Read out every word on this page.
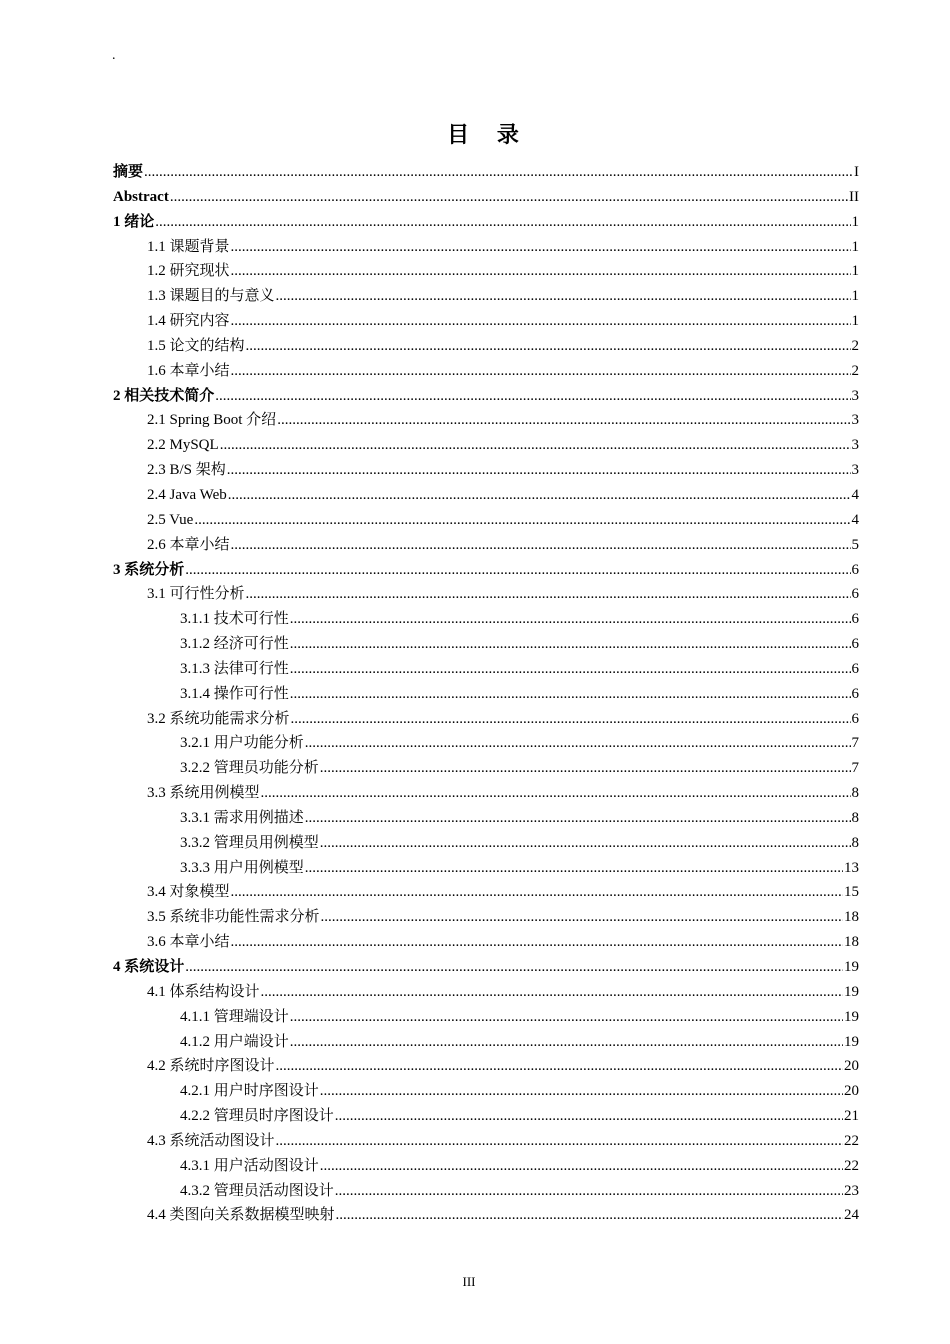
.
目 录
摘要 .....	I
Abstract .....	II
1 绪论 .....	1
1.1 课题背景 .....	1
1.2 研究现状 .....	1
1.3 课题目的与意义 .....	1
1.4 研究内容 .....	1
1.5 论文的结构 .....	2
1.6 本章小结 .....	2
2 相关技术简介 .....	3
2.1 Spring Boot 介绍 .....	3
2.2 MySQL .....	3
2.3 B/S 架构 .....	3
2.4 Java Web .....	4
2.5 Vue .....	4
2.6 本章小结 .....	5
3 系统分析 .....	6
3.1 可行性分析 .....	6
3.1.1 技术可行性 .....	6
3.1.2 经济可行性 .....	6
3.1.3 法律可行性 .....	6
3.1.4 操作可行性 .....	6
3.2 系统功能需求分析 .....	6
3.2.1 用户功能分析 .....	7
3.2.2 管理员功能分析 .....	7
3.3 系统用例模型 .....	8
3.3.1 需求用例描述 .....	8
3.3.2 管理员用例模型 .....	8
3.3.3 用户用例模型 .....	13
3.4 对象模型 .....	15
3.5 系统非功能性需求分析 .....	18
3.6 本章小结 .....	18
4 系统设计 .....	19
4.1 体系结构设计 .....	19
4.1.1 管理端设计 .....	19
4.1.2 用户端设计 .....	19
4.2 系统时序图设计 .....	20
4.2.1 用户时序图设计 .....	20
4.2.2 管理员时序图设计 .....	21
4.3 系统活动图设计 .....	22
4.3.1 用户活动图设计 .....	22
4.3.2 管理员活动图设计 .....	23
4.4 类图向关系数据模型映射 .....	24
III
